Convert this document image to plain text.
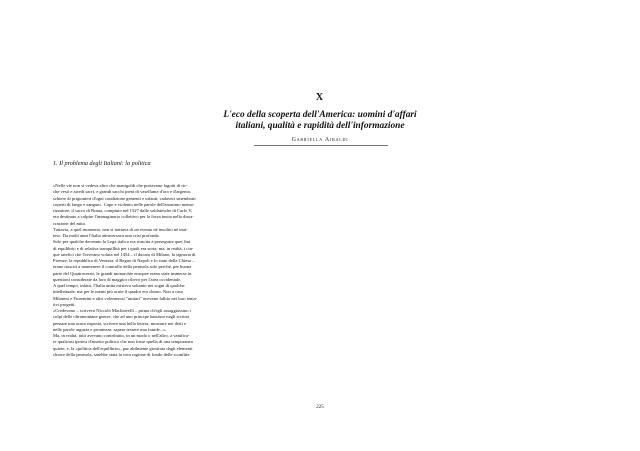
X
L'eco della scoperta dell'America: uomini d'affari
italiani, qualità e rapidità dell'informazione
Gabriella Airaldi
1. Il problema degli Italiani: la politica
«Nelle vie non si vedeva altro che manigoldi che portavano fagotti di ric-
che vesti e arredi sacri, e grandi sacchi pieni di vasellame d'oro e d'argento,
schiere di prigionieri d'ogni condizione gementi e urlanti, cadaveri smembrati
coperti di fango e sangue». Capo e violento nelle parole dell'anonimo memo-
rizzatore, il sacco di Roma, compiuto nel 1527 dalle soldatesche di Carlo V,
era destinato a colpire l'immaginario collettivo per la forza insita nella dissa-
crazione del mito.
Tuttavia, a quel momento, non si trattava di un evento né insolito né inat-
teso. Da molti anni l'Italia attraversava una crisi profonda.
Solo per qualche decennio la Lega italica era riuscita a perseguire quei fini
di equilibrio e di relativa tranquillità per i quali era sorta; ma, in realtà, i cin-
que artefici che l'avevano voluta nel 1454 – il ducato di Milano, la signoria di
Firenze, la repubblica di Venezia, il Regno di Napoli e lo stato della Chiesa –
erano riusciti a mantenere il controllo della penisola solo perché, per buona
parte del Quattrocento, le grandi monarchie europee erano state immerse in
questioni considerate da loro di maggior rilievo per l'area occidentale.
A quel tempo, infatti, l'Italia unita esisteva soltanto nei sogni di qualche
intellettuale, ma per le menti più acute il quadro era chiaro. Non a caso
Milanesi e Fiorentini e altri volenterosi "unitari" avevano fallito nei loro tenta-
tivi progetti.
«Credevano – scriveva Niccolò Machiavelli – prima ch'egli assaggiassino i
colpi delle oltramontane guerre, che ad uno principe bastasse negli scrittoi
pensare una acuta risposta, scrivere una bella lettera, mostrare nei detti e
nelle parole arguzia e prontezza, sapere tessere una fraude...».
Ma, in realtà, tutti avevano contribuito, in un modo o nell'altro, a vanifica-
re qualsiasi ipotesi d'assetto politico che non fosse quella di una temporanea
quiete; e, la «politica dell'equilibrio», pur abilmente giostrata dagli elementi
chiave della penisola, sarebbe stata la vera ragione di fondo delle sconfitte
225
